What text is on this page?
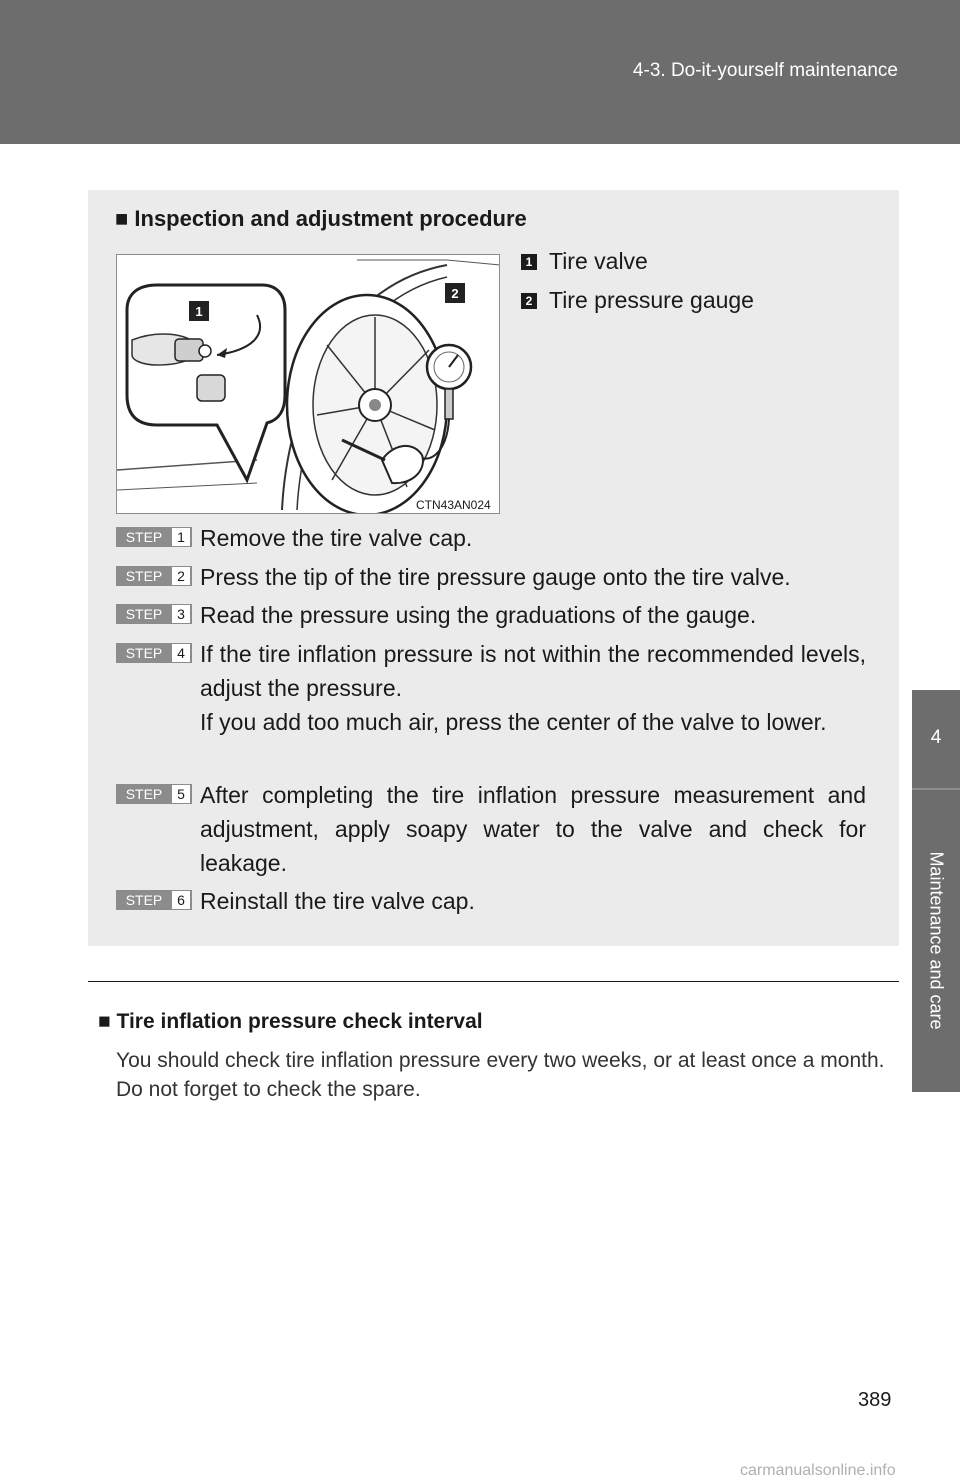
4-3. Do-it-yourself maintenance
4
Maintenance and care
■ Inspection and adjustment procedure
1
2
CTN43AN024
1 Tire valve
2 Tire pressure gauge
STEP	1 Remove the tire valve cap.
STEP	2 Press the tip of the tire pressure gauge onto the tire valve.
STEP	3 Read the pressure using the graduations of the gauge.
STEP	4 If the tire inflation pressure is not within the recommended levels, adjust the pressure.
If you add too much air, press the center of the valve to lower.
STEP	5 After completing the tire inflation pressure measurement and adjustment, apply soapy water to the valve and check for leakage.
STEP	6 Reinstall the tire valve cap.
■ Tire inflation pressure check interval

You should check tire inflation pressure every two weeks, or at least once a month.

Do not forget to check the spare.

389
carmanualsonline.info
